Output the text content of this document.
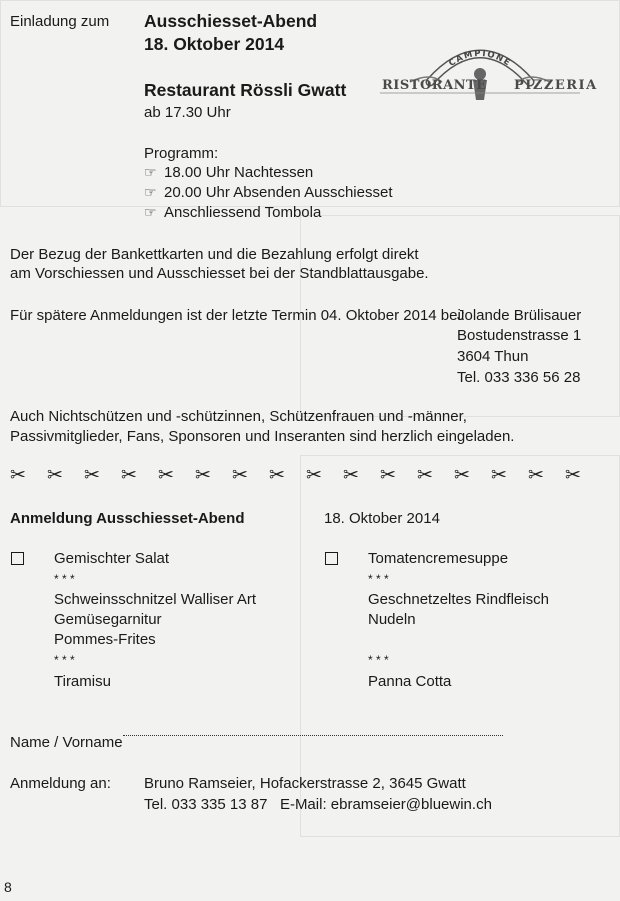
Einladung zum Ausschiesset-Abend
18. Oktober 2014
Restaurant Rössli Gwatt
ab 17.30 Uhr
CAMPIONE
RISTORANTE PIZZERIA
Programm:
☞ 18.00 Uhr Nachtessen
☞ 20.00 Uhr Absenden Ausschiesset
☞ Anschliessend Tombola
Der Bezug der Bankettkarten und die Bezahlung erfolgt direkt
am Vorschiessen und Ausschiesset bei der Standblattausgabe.
Für spätere Anmeldungen ist der letzte Termin 04. Oktober 2014 bei:
Jolande Brülisauer
Bostudenstrasse 1
3604 Thun
Tel. 033 336 56 28
Auch Nichtschützen und -schützinnen, Schützenfrauen und -männer,
Passivmitglieder, Fans, Sponsoren und Inseranten sind herzlich eingeladen.
✂ ✂ ✂ ✂ ✂ ✂ ✂ ✂ ✂ ✂ ✂ ✂ ✂ ✂ ✂ ✂
Anmeldung Ausschiesset-Abend	18. Oktober 2014
Gemischter Salat
* * *
Schweinsschnitzel Walliser Art
Gemüsegarnitur
Pommes-Frites
* * *
Tiramisu
Tomatencremesuppe
* * *
Geschnetzeltes Rindfleisch
Nudeln
* * *
Panna Cotta
Name / Vorname
Anmeldung an: Bruno Ramseier, Hofackerstrasse 2, 3645 Gwatt
Tel. 033 335 13 87   E-Mail: ebramseier@bluewin.ch
8
